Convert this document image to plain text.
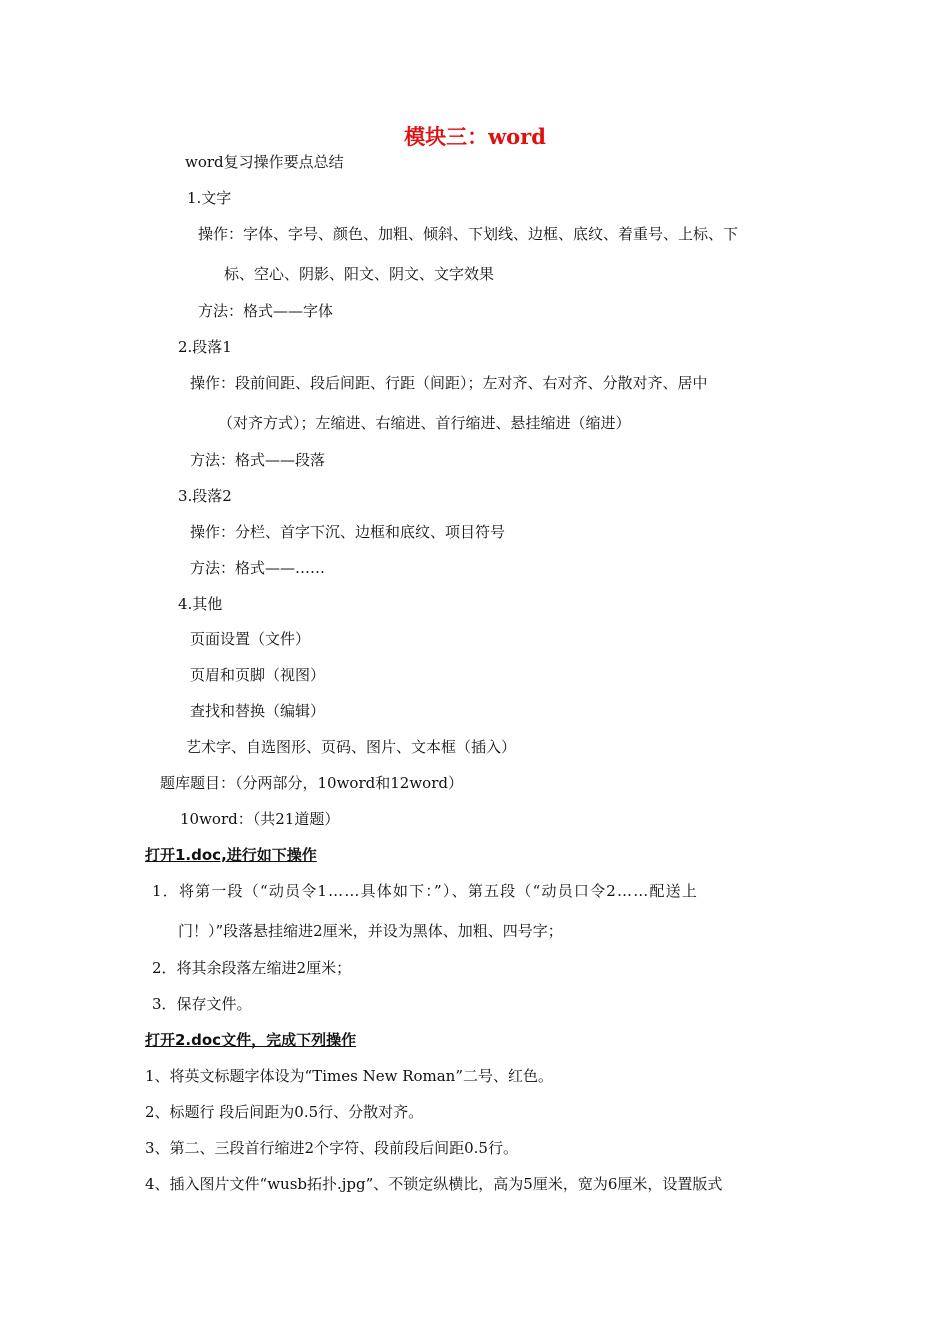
模块三：word
word复习操作要点总结
1.文字
操作：字体、字号、颜色、加粗、倾斜、下划线、边框、底纹、着重号、上标、下
标、空心、阴影、阳文、阴文、文字效果
方法：格式——字体
2.段落1
操作：段前间距、段后间距、行距（间距）；左对齐、右对齐、分散对齐、居中
（对齐方式）；左缩进、右缩进、首行缩进、悬挂缩进（缩进）
方法：格式——段落
3.段落2
操作：分栏、首字下沉、边框和底纹、项目符号
方法：格式——……
4.其他
页面设置（文件）
页眉和页脚（视图）
查找和替换（编辑）
艺术字、自选图形、页码、图片、文本框（插入）
题库题目：（分两部分，10word和12word）
10word：（共21道题）
打开1.doc,进行如下操作
1．将第一段（“动员令1……具体如下：”）、第五段（“动员口令2……配送上
门！）”段落悬挂缩进2厘米，并设为黑体、加粗、四号字；
2．将其余段落左缩进2厘米；
3．保存文件。
打开2.doc文件，完成下列操作
1、将英文标题字体设为“Times New Roman”二号、红色。
2、标题行 段后间距为0.5行、分散对齐。
3、第二、三段首行缩进2个字符、段前段后间距0.5行。
4、插入图片文件“wusb拓扑.jpg”、不锁定纵横比，高为5厘米，宽为6厘米，设置版式
